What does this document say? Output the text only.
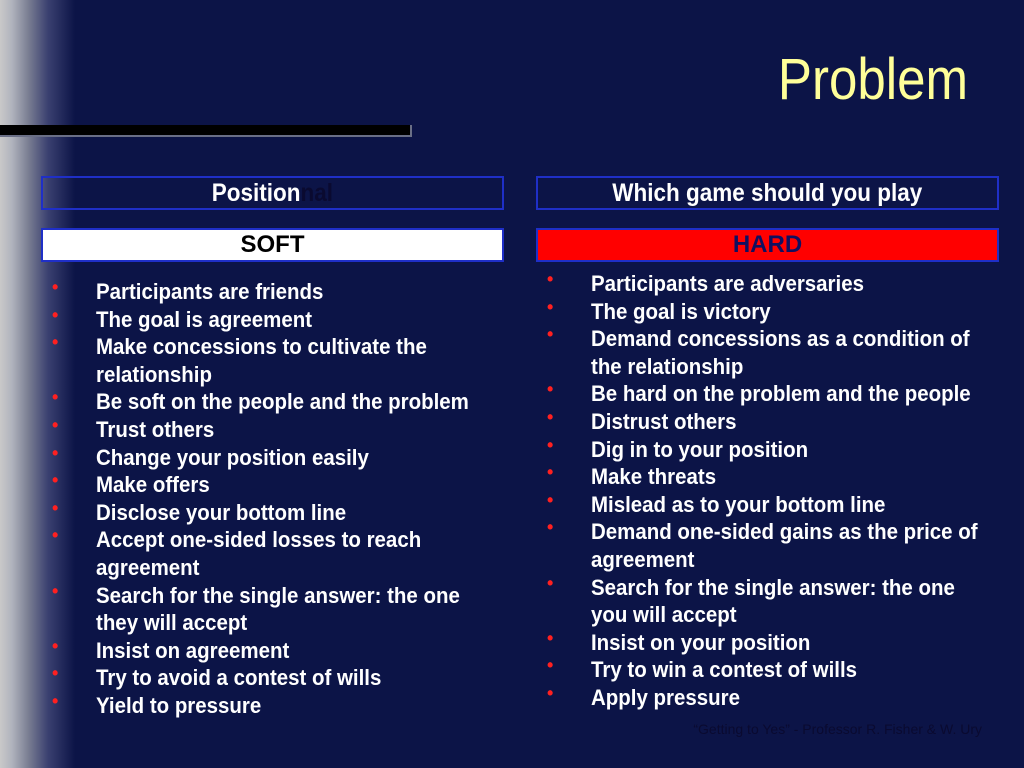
Problem
Positionnal	Which game should you play
SOFT	HARD
• Participants are friends
• The goal is agreement
• Make concessions to cultivate the relationship
• Be soft on the people and the problem
• Trust others
• Change your position easily
• Make offers
• Disclose your bottom line
• Accept one-sided losses to reach agreement
• Search for the single answer: the one they will accept
• Insist on agreement
• Try to avoid a contest of wills
• Yield to pressure
• Participants are adversaries
• The goal is victory
• Demand concessions as a condition of the relationship
• Be hard on the problem and the people
• Distrust others
• Dig in to your position
• Make threats
• Mislead as to your bottom line
• Demand one-sided gains as the price of agreement
• Search for the single answer: the one you will accept
• Insist on your position
• Try to win a contest of wills
• Apply pressure
“Getting to Yes” - Professor R. Fisher & W. Ury
